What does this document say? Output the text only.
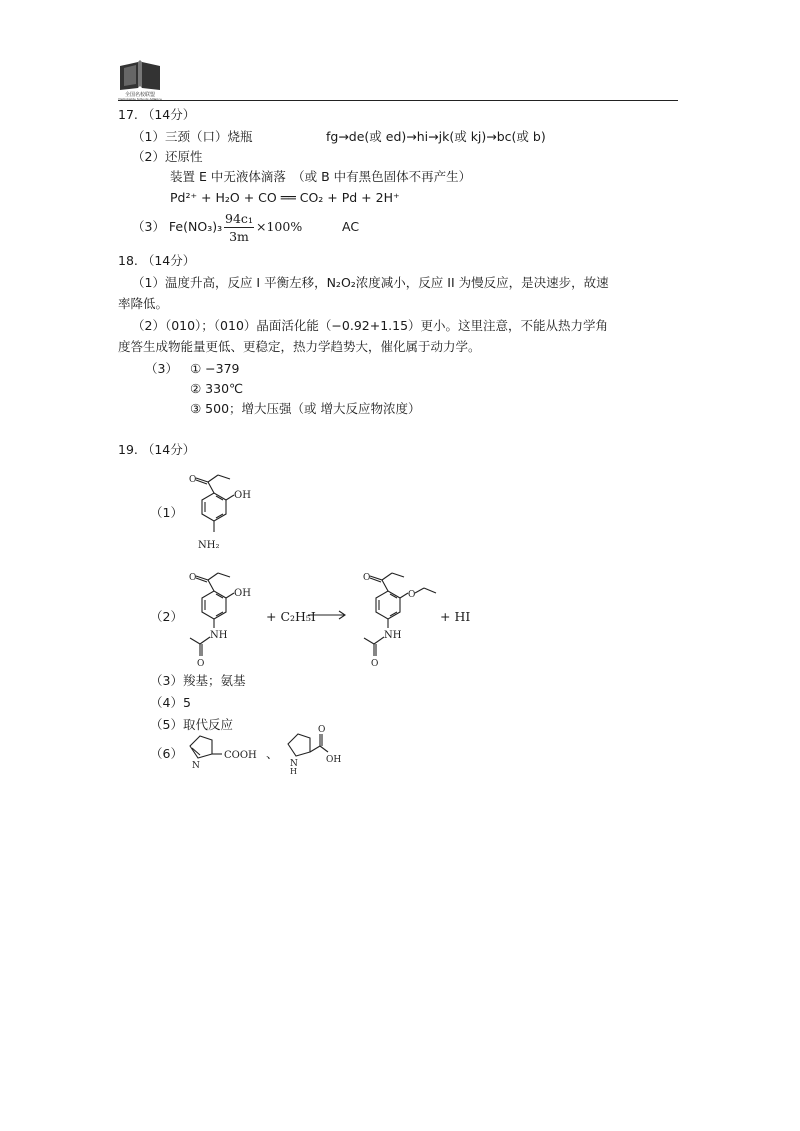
全国名校联盟
Nationwide Schools Alliance
17. （14分）
（1）三颈（口）烧瓶	fg→de(或 ed)→hi→jk(或 kj)→bc(或 b)
（2）还原性
装置 E 中无液体滴落　（或 B 中有黑色固体不再产生）
Pd²⁺ + H₂O + CO ══ CO₂ + Pd + 2H⁺
（3） Fe(NO₃)₃
94c₁
3m
×100%	AC
18. （14分）
（1）温度升高，反应 I 平衡左移，N₂O₂浓度减小，反应 II 为慢反应，是决速步，故速
率降低。
（2）（010）；（010）晶面活化能（−0.92+1.15）更小。这里注意，不能从热力学角
度答生成物能量更低、更稳定，热力学趋势大，催化属于动力学。
（3） ① −379
② 330℃
③ 500；增大压强（或 增大反应物浓度）
19. （14分）
（1）
O
OH
NH₂
（2）
O
OH
NH
O
+ C₂H₅I
O
O
NH
O
+ HI
（3）羧基；氨基
（4）5
（5）取代反应
（6）
N
COOH 、
N
H
O
OH
